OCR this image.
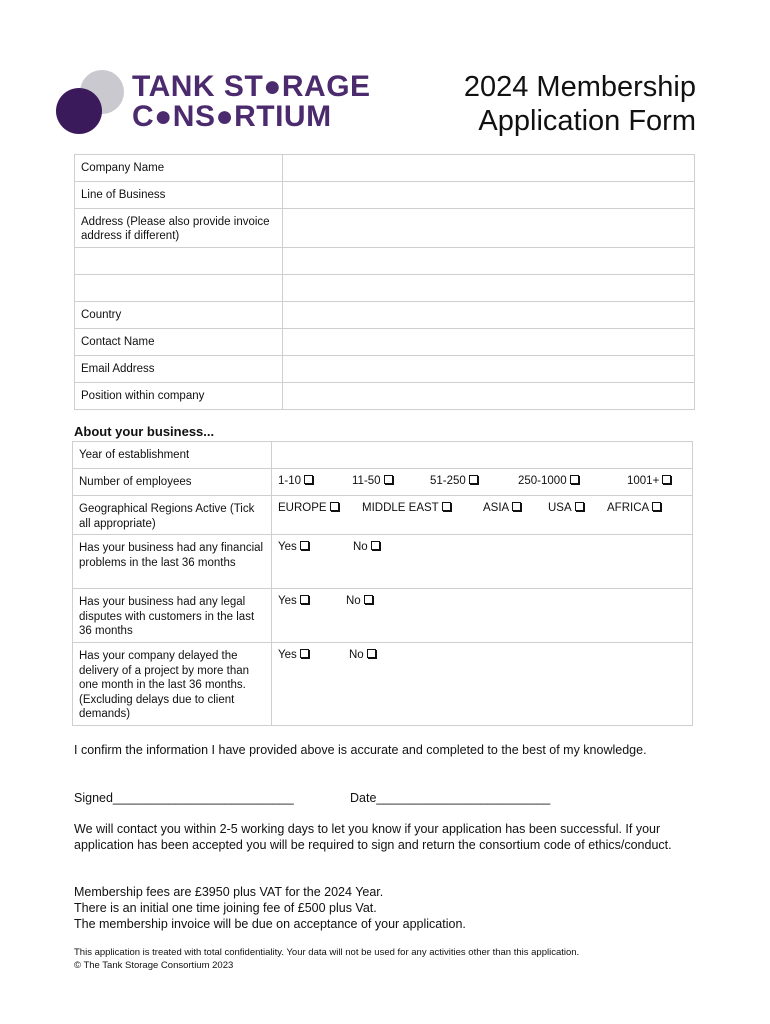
TANK ST●RAGE
C●NS●RTIUM
2024 Membership
Application Form
Company Name	
Line of Business	
Address (Please also provide invoice address if different)	

Country	
Contact Name	
Email Address	
Position within company	
About your business...
Year of establishment	
Number of employees	1-10 11-50 51-250 250-1000 1001+

Geographical Regions Active (Tick all appropriate)	EUROPE MIDDLE EAST ASIA USA AFRICA

Has your business had any financial problems in the last 36 months	Yes No

Has your business had any legal disputes with customers in the last 36 months	Yes No

Has your company delayed the delivery of a project by more than one month in the last 36 months. (Excluding delays due to client demands)	Yes No
I confirm the information I have provided above is accurate and completed to the best of my knowledge.
Signed__________________________	Date_________________________
We will contact you within 2-5 working days to let you know if your application has been successful. If your application has been accepted you will be required to sign and return the consortium code of ethics/conduct.
Membership fees are £3950 plus VAT for the 2024 Year.
There is an initial one time joining fee of £500 plus Vat.
The membership invoice will be due on acceptance of your application.
This application is treated with total confidentiality. Your data will not be used for any activities other than this application.
© The Tank Storage Consortium 2023
